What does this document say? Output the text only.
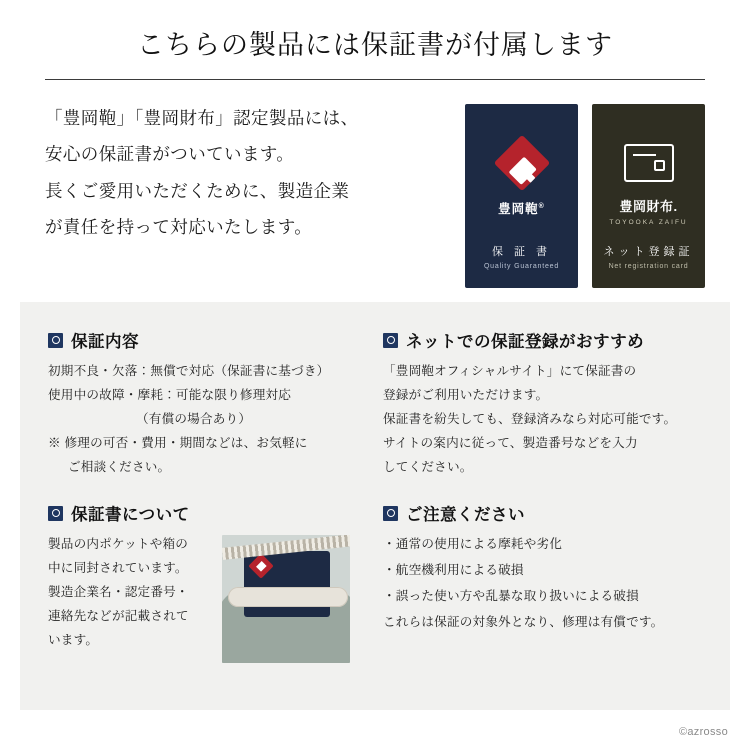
こちらの製品には保証書が付属します

「豊岡鞄」「豊岡財布」認定製品には、

安心の保証書がついています。

長くご愛用いただくために、製造企業

が責任を持って対応いたします。

豊岡鞄®
保 証 書
Quality Guaranteed
豊岡財布.
TOYOOKA ZAIFU
ネット登録証
Net registration card
保証内容

初期不良・欠落：無償で対応（保証書に基づき）

使用中の故障・摩耗：可能な限り修理対応

（有償の場合あり）

※ 修理の可否・費用・期間などは、お気軽に

ご相談ください。

保証書について

製品の内ポケットや箱の

中に同封されています。

製造企業名・認定番号・

連絡先などが記載されて

います。

ネットでの保証登録がおすすめ

「豊岡鞄オフィシャルサイト」にて保証書の

登録がご利用いただけます。

保証書を紛失しても、登録済みなら対応可能です。

サイトの案内に従って、製造番号などを入力

してください。

ご注意ください

・通常の使用による摩耗や劣化

・航空機利用による破損

・誤った使い方や乱暴な取り扱いによる破損

これらは保証の対象外となり、修理は有償です。

©azrosso
